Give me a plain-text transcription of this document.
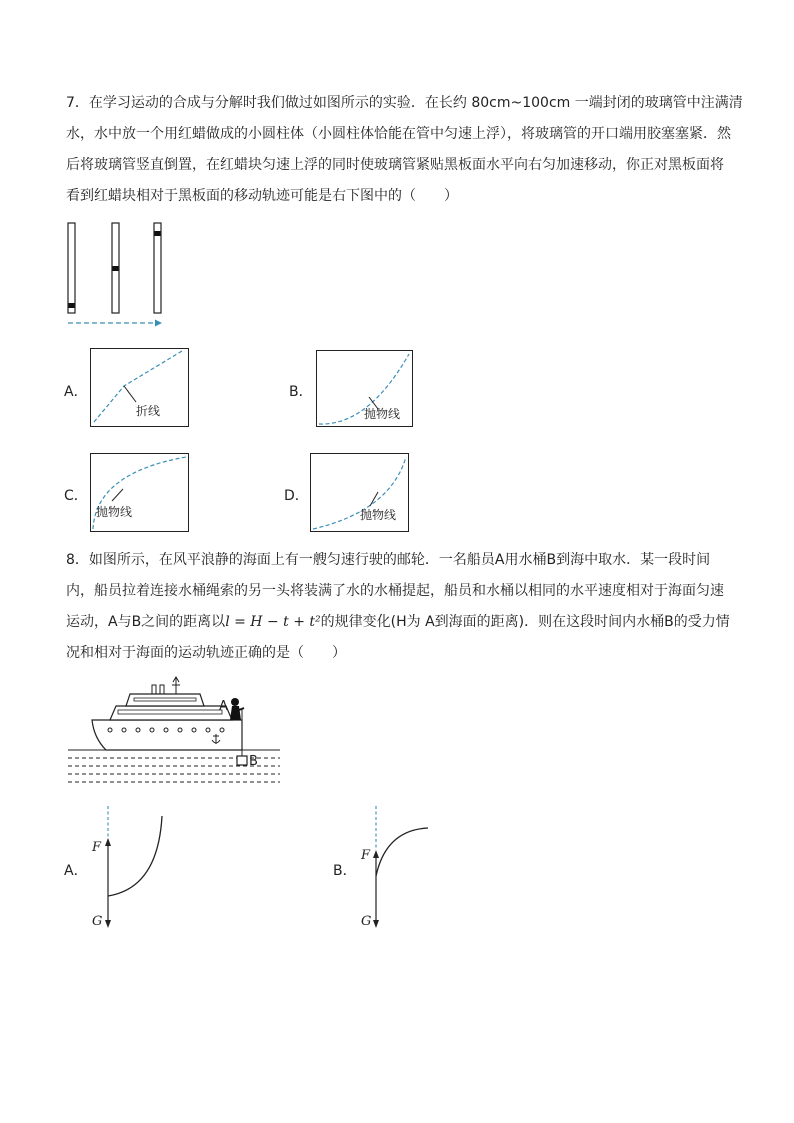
7．在学习运动的合成与分解时我们做过如图所示的实验．在长约 80cm~100cm 一端封闭的玻璃管中注满清
水，水中放一个用红蜡做成的小圆柱体（小圆柱体恰能在管中匀速上浮），将玻璃管的开口端用胶塞塞紧．然
后将玻璃管竖直倒置，在红蜡块匀速上浮的同时使玻璃管紧贴黑板面水平向右匀加速移动，你正对黑板面将
看到红蜡块相对于黑板面的移动轨迹可能是右下图中的（　　）
A．
折线
B．
抛物线
C．
抛物线
D．
抛物线
8．如图所示，在风平浪静的海面上有一艘匀速行驶的邮轮．一名船员A用水桶B到海中取水．某一段时间
内，船员拉着连接水桶绳索的另一头将装满了水的水桶提起，船员和水桶以相同的水平速度相对于海面匀速
运动，A与B之间的距离以l = H − t + t²的规律变化(H为 A到海面的距离)．则在这段时间内水桶B的受力情
况和相对于海面的运动轨迹正确的是（　　）
A
B
A．
F
G
B．
F
G
